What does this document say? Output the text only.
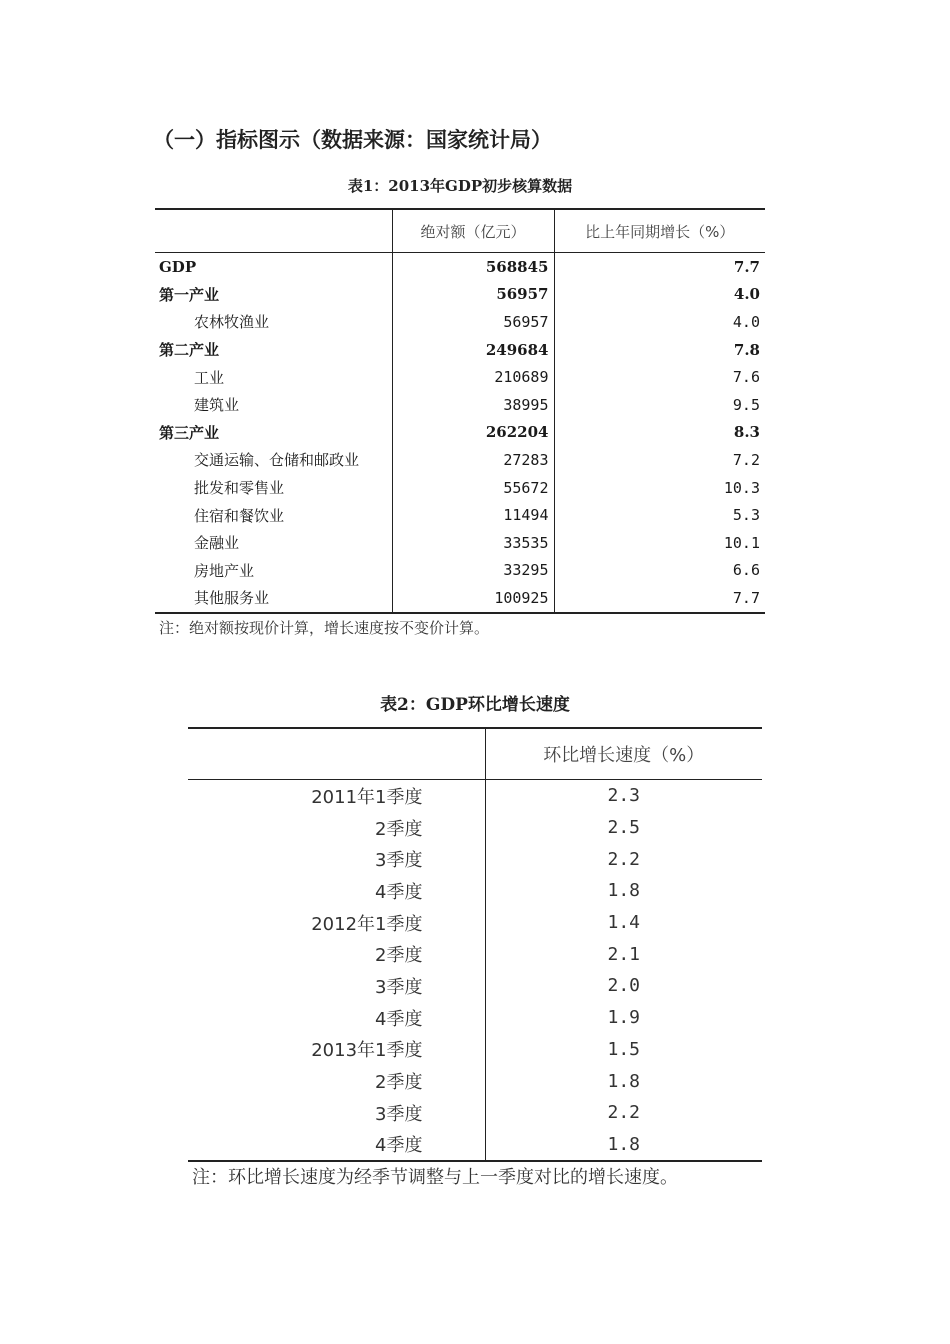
（一）指标图示（数据来源：国家统计局）
表1：2013年GDP初步核算数据
	绝对额（亿元）	比上年同期增长（%）
GDP	568845	7.7
第一产业	56957	4.0
农林牧渔业	56957	4.0
第二产业	249684	7.8
工业	210689	7.6
建筑业	38995	9.5
第三产业	262204	8.3
交通运输、仓储和邮政业	27283	7.2
批发和零售业	55672	10.3
住宿和餐饮业	11494	5.3
金融业	33535	10.1
房地产业	33295	6.6
其他服务业	100925	7.7
注：绝对额按现价计算，增长速度按不变价计算。
表2：GDP环比增长速度
	环比增长速度（%）
2011年1季度	2.3
2季度	2.5
3季度	2.2
4季度	1.8
2012年1季度	1.4
2季度	2.1
3季度	2.0
4季度	1.9
2013年1季度	1.5
2季度	1.8
3季度	2.2
4季度	1.8
注：环比增长速度为经季节调整与上一季度对比的增长速度。
